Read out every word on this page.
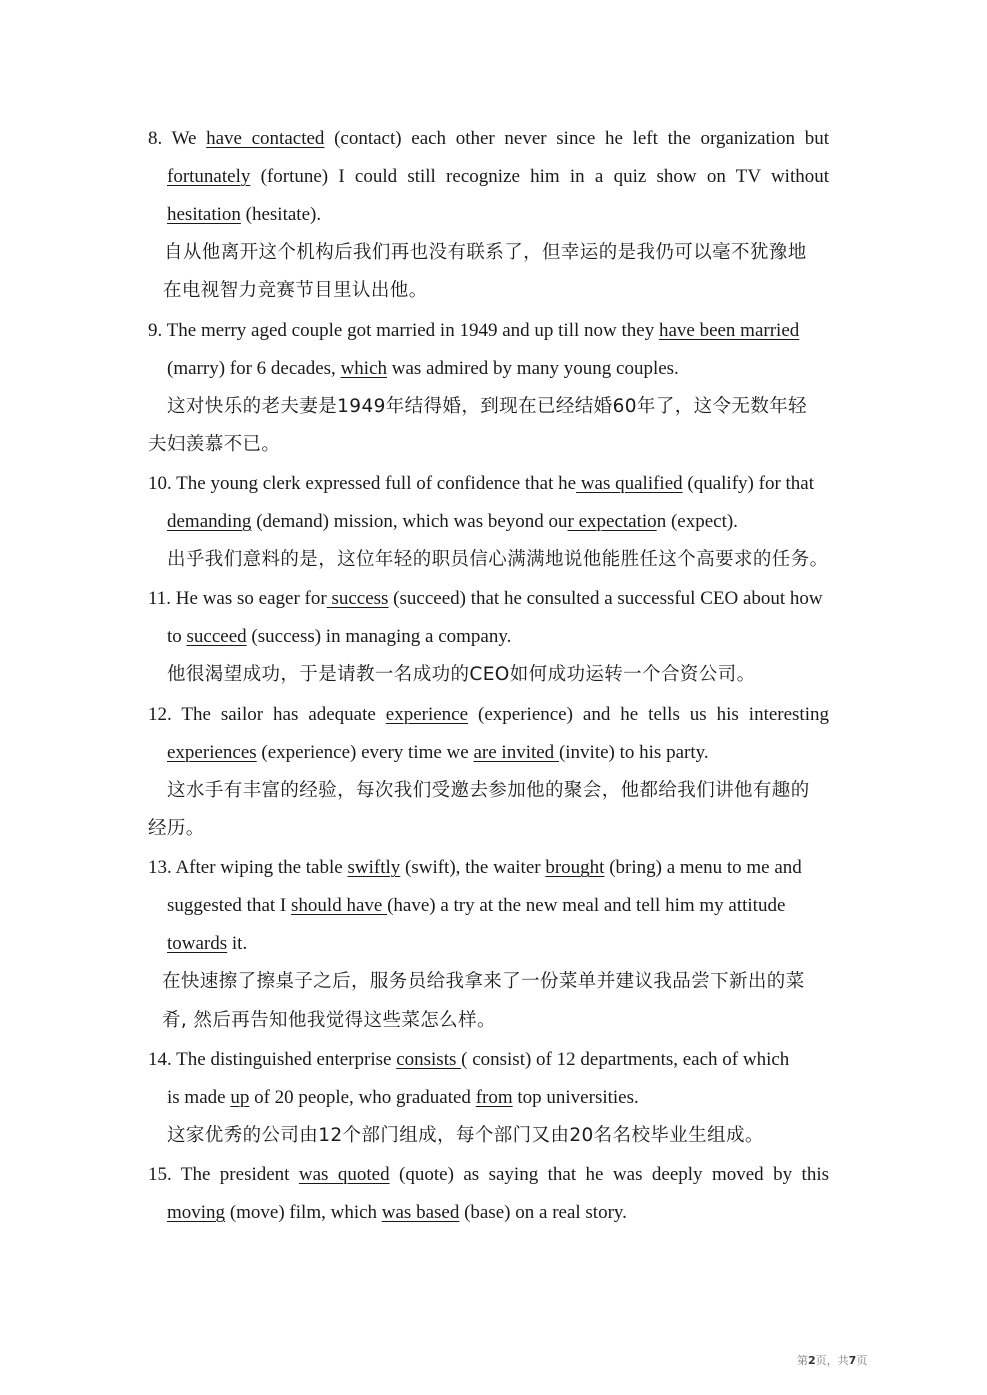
8. We have contacted (contact) each other never since he left the organization but
fortunately (fortune) I could still recognize him in a quiz show on TV without
hesitation (hesitate).
自从他离开这个机构后我们再也没有联系了，但幸运的是我仍可以毫不犹豫地
在电视智力竞赛节目里认出他。
9. The merry aged couple got married in 1949 and up till now they have been married
(marry) for 6 decades, which was admired by many young couples.
这对快乐的老夫妻是1949年结得婚，到现在已经结婚60年了，这令无数年轻
夫妇羡慕不已。
10. The young clerk expressed full of confidence that he was qualified (qualify) for that
demanding (demand) mission, which was beyond our expectation (expect).
出乎我们意料的是，这位年轻的职员信心满满地说他能胜任这个高要求的任务。
11. He was so eager for success (succeed) that he consulted a successful CEO about how
to succeed (success) in managing a company.
他很渴望成功，于是请教一名成功的CEO如何成功运转一个合资公司。
12. The sailor has adequate experience (experience) and he tells us his interesting
experiences (experience) every time we are invited (invite) to his party.
这水手有丰富的经验，每次我们受邀去参加他的聚会，他都给我们讲他有趣的
经历。
13. After wiping the table swiftly (swift), the waiter brought (bring) a menu to me and
suggested that I should have (have) a try at the new meal and tell him my attitude
towards it.
在快速擦了擦桌子之后，服务员给我拿来了一份菜单并建议我品尝下新出的菜
肴, 然后再告知他我觉得这些菜怎么样。
14. The distinguished enterprise consists ( consist) of 12 departments, each of which
is made up of 20 people, who graduated from top universities.
这家优秀的公司由12个部门组成，每个部门又由20名名校毕业生组成。
15. The president was quoted (quote) as saying that he was deeply moved by this
moving (move) film, which was based (base) on a real story.
第2页，共7页
